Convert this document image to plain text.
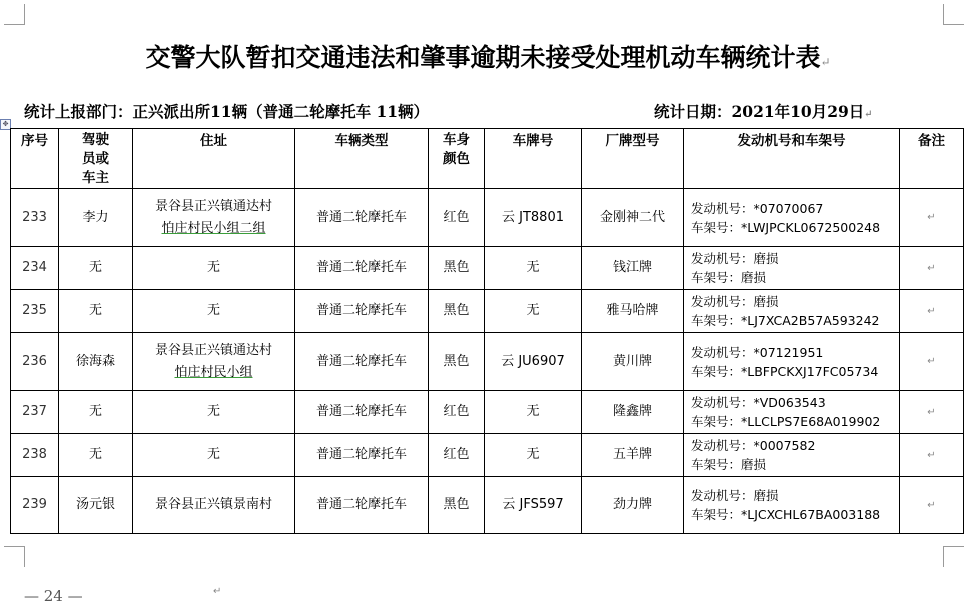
交警大队暂扣交通违法和肇事逾期未接受处理机动车辆统计表↵
统计上报部门：正兴派出所11辆（普通二轮摩托车 11辆）	统计日期：2021年10月29日↵
✥
序号	驾驶员或车主	住址	车辆类型	车身颜色	车牌号	厂牌型号	发动机号和车架号	备注
233	李力	景谷县正兴镇通达村
怕庄村民小组二组	普通二轮摩托车	红色	云 JT8801	金刚神二代	发动机号：*07070067
车架号：*LWJPCKL0672500248	↵
234	无	无	普通二轮摩托车	黑色	无	钱江牌	发动机号：磨损
车架号：磨损	↵
235	无	无	普通二轮摩托车	黑色	无	雅马哈牌	发动机号：磨损
车架号：*LJ7XCA2B57A593242	↵
236	徐海森	景谷县正兴镇通达村
怕庄村民小组	普通二轮摩托车	黑色	云 JU6907	黄川牌	发动机号：*07121951
车架号：*LBFPCKXJ17FC05734	↵
237	无	无	普通二轮摩托车	红色	无	隆鑫牌	发动机号：*VD063543
车架号：*LLCLPS7E68A019902	↵
238	无	无	普通二轮摩托车	红色	无	五羊牌	发动机号：*0007582
车架号：磨损	↵
239	汤元银	景谷县正兴镇景南村	普通二轮摩托车	黑色	云 JFS597	劲力牌	发动机号：磨损
车架号：*LJCXCHL67BA003188	↵
— 24 —	↵
